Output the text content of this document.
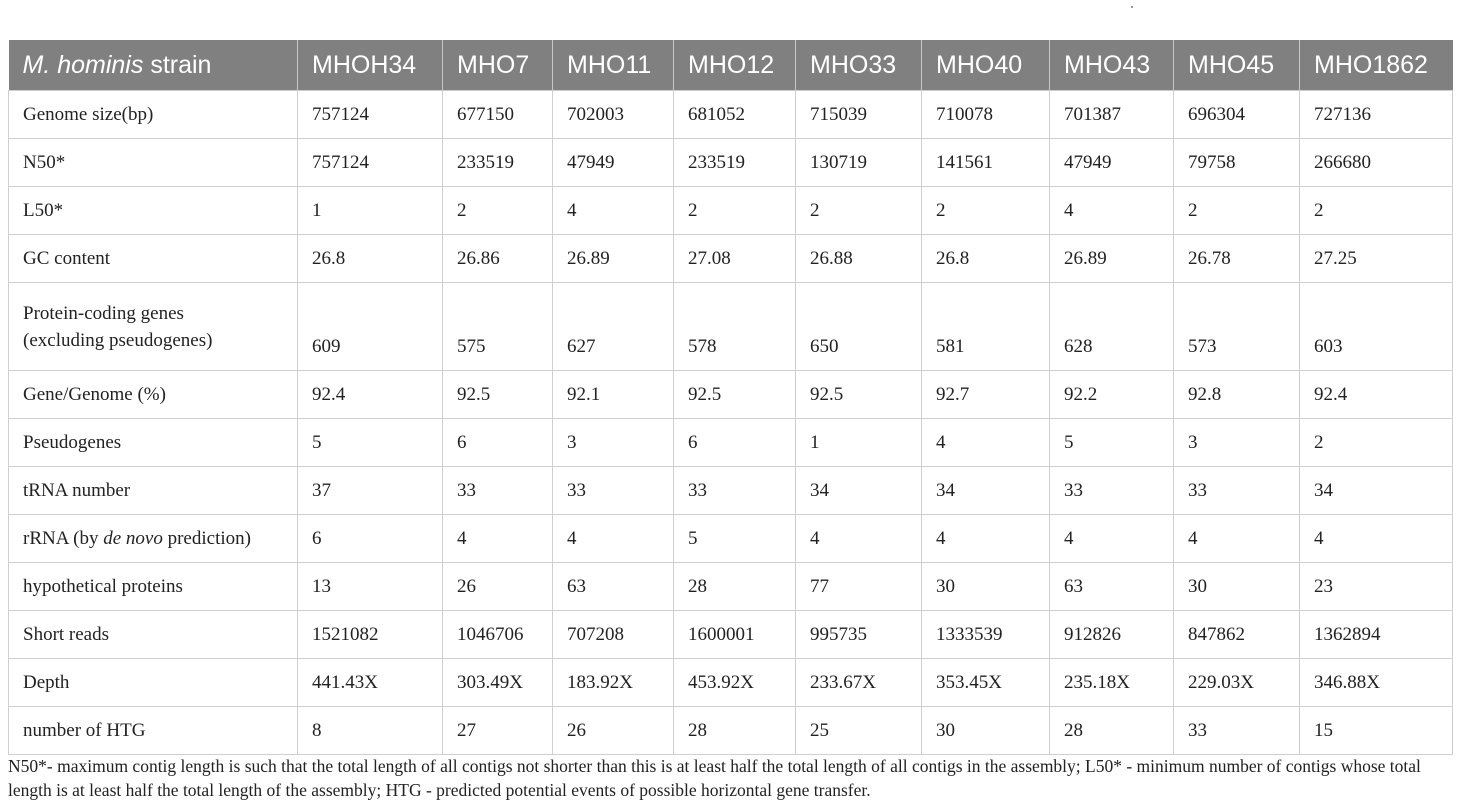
M. hominis strain	MHOH34	MHO7	MHO11	MHO12	MHO33	MHO40	MHO43	MHO45	MHO1862
Genome size(bp)	757124	677150	702003	681052	715039	710078	701387	696304	727136
N50*	757124	233519	47949	233519	130719	141561	47949	79758	266680
L50*	1	2	4	2	2	2	4	2	2
GC content	26.8	26.86	26.89	27.08	26.88	26.8	26.89	26.78	27.25
Protein-coding genes
(excluding pseudogenes)	609	575	627	578	650	581	628	573	603
Gene/Genome (%)	92.4	92.5	92.1	92.5	92.5	92.7	92.2	92.8	92.4
Pseudogenes	5	6	3	6	1	4	5	3	2
tRNA number	37	33	33	33	34	34	33	33	34
rRNA (by de novo prediction)	6	4	4	5	4	4	4	4	4
hypothetical proteins	13	26	63	28	77	30	63	30	23
Short reads	1521082	1046706	707208	1600001	995735	1333539	912826	847862	1362894
Depth	441.43X	303.49X	183.92X	453.92X	233.67X	353.45X	235.18X	229.03X	346.88X
number of HTG	8	27	26	28	25	30	28	33	15
N50*- maximum contig length is such that the total length of all contigs not shorter than this is at least half the total length of all contigs in the assembly; L50* - minimum number of contigs whose total length is at least half the total length of the assembly; HTG - predicted potential events of possible horizontal gene transfer.
